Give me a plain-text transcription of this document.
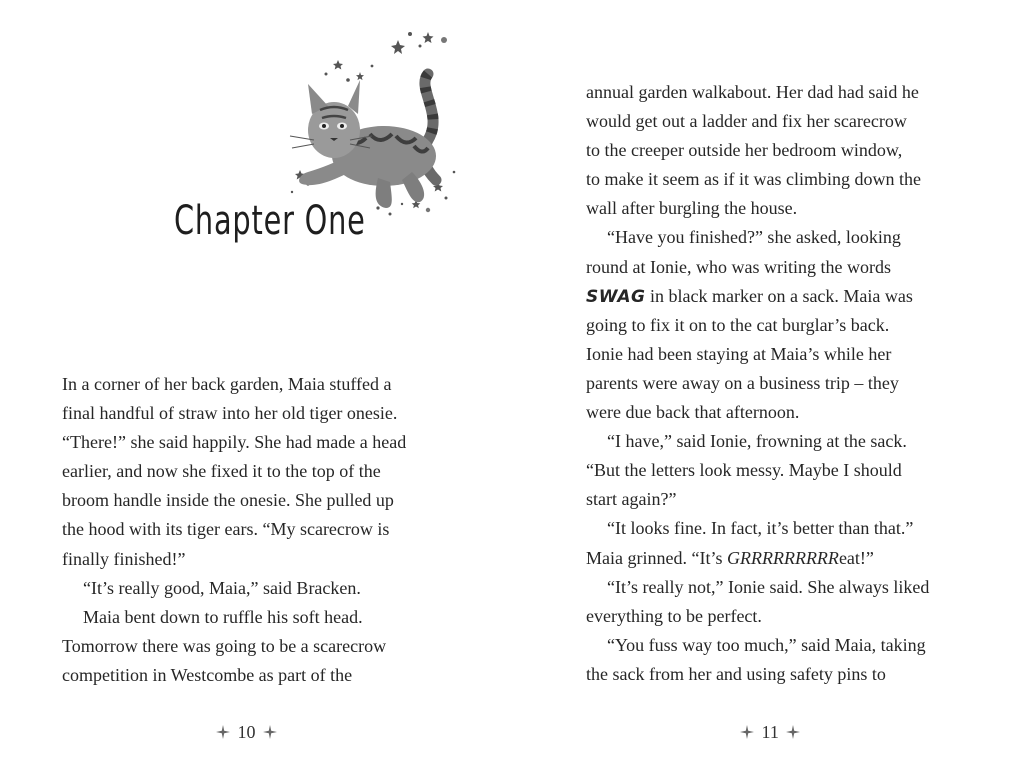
Chapter One
In a corner of her back garden, Maia stuffed a
final handful of straw into her old tiger onesie.
“There!” she said happily. She had made a head
earlier, and now she fixed it to the top of the
broom handle inside the onesie. She pulled up
the hood with its tiger ears. “My scarecrow is
finally finished!”
“It’s really good, Maia,” said Bracken.
Maia bent down to ruffle his soft head.
Tomorrow there was going to be a scarecrow
competition in Westcombe as part of the
10
annual garden walkabout. Her dad had said he
would get out a ladder and fix her scarecrow
to the creeper outside her bedroom window,
to make it seem as if it was climbing down the
wall after burgling the house.
“Have you finished?” she asked, looking
round at Ionie, who was writing the words
SWAG in black marker on a sack. Maia was
going to fix it on to the cat burglar’s back.
Ionie had been staying at Maia’s while her
parents were away on a business trip – they
were due back that afternoon.
“I have,” said Ionie, frowning at the sack.
“But the letters look messy. Maybe I should
start again?”
“It looks fine. In fact, it’s better than that.”
Maia grinned. “It’s GRRRRRRRRReat!”
“It’s really not,” Ionie said. She always liked
everything to be perfect.
“You fuss way too much,” said Maia, taking
the sack from her and using safety pins to
11
